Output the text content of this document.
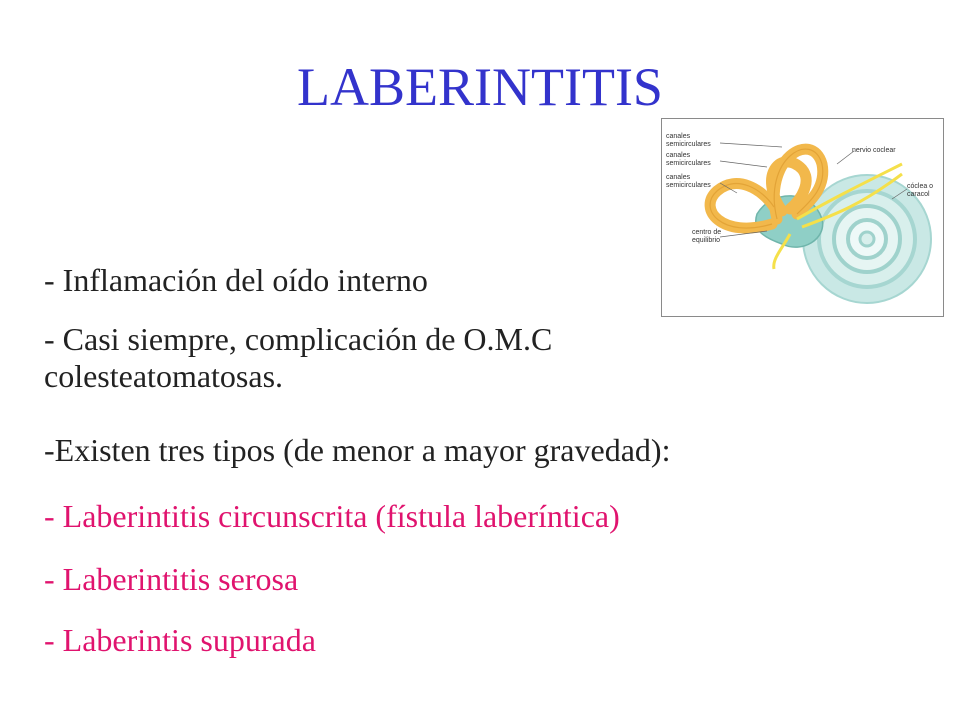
LABERINTITIS
canales semicirculares
canales semicirculares
canales semicirculares
nervio coclear
cóclea o caracol
centro de equilibrio

- Inflamación del oído interno

- Casi siempre, complicación de O.M.C

colesteatomatosas.

-Existen tres tipos (de menor a mayor gravedad):

- Laberintitis circunscrita (fístula laberíntica)

- Laberintitis serosa

- Laberintis supurada
